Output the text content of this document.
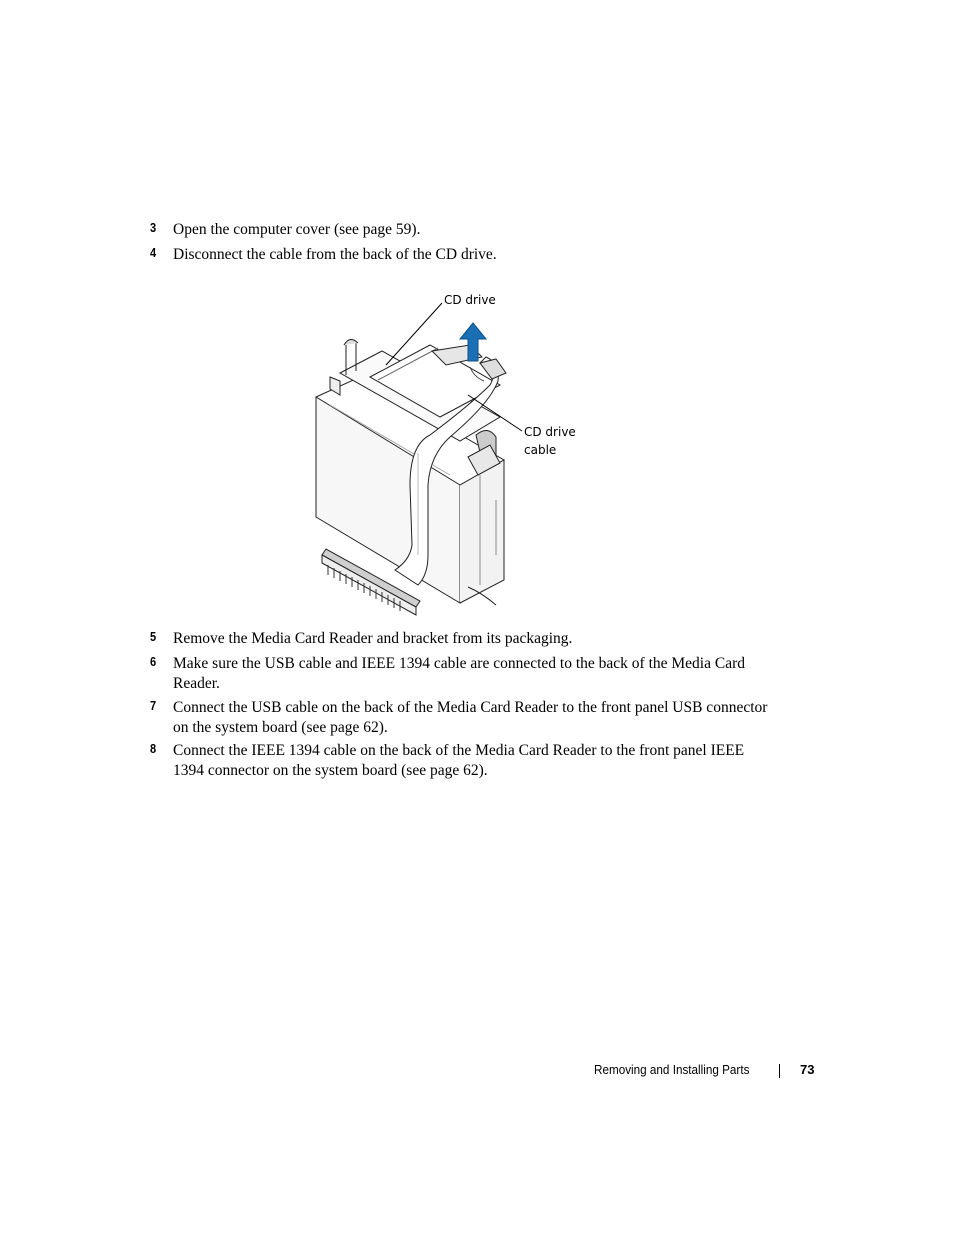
3 Open the computer cover (see page 59).
4 Disconnect the cable from the back of the CD drive.
CD drive
CD drive
cable
5 Remove the Media Card Reader and bracket from its packaging.
6 Make sure the USB cable and IEEE 1394 cable are connected to the back of the Media Card Reader.
7 Connect the USB cable on the back of the Media Card Reader to the front panel USB connector on the system board (see page 62).
8 Connect the IEEE 1394 cable on the back of the Media Card Reader to the front panel IEEE 1394 connector on the system board (see page 62).
Removing and Installing Parts	73
